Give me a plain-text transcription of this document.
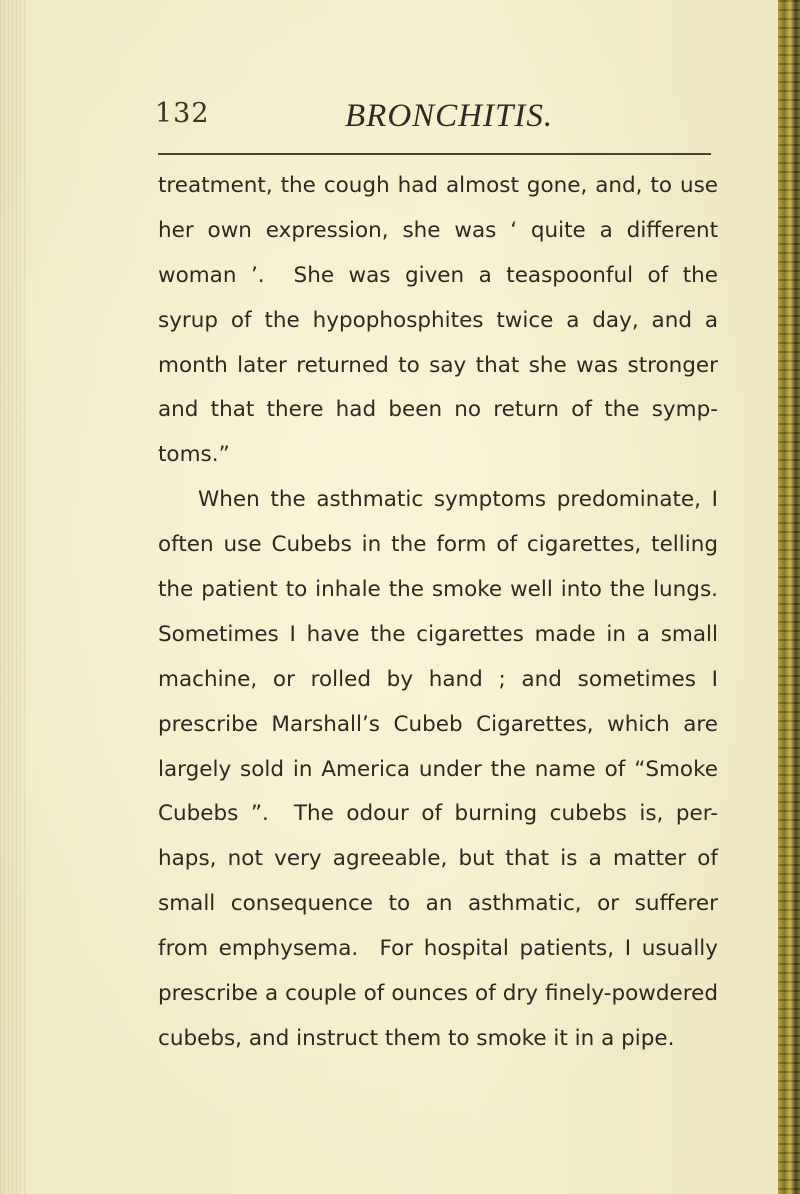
132	BRONCHITIS.
treatment, the cough had almost gone, and, to use
her own expression, she was ‘ quite a different
woman ’.  She was given a teaspoonful of the
syrup of the hypophosphites twice a day, and a
month later returned to say that she was stronger
and that there had been no return of the symp-
toms.”
When the asthmatic symptoms predominate, I
often use Cubebs in the form of cigarettes, telling
the patient to inhale the smoke well into the lungs.
Sometimes I have the cigarettes made in a small
machine, or rolled by hand ; and sometimes I
prescribe Marshall’s Cubeb Cigarettes, which are
largely sold in America under the name of “Smoke
Cubebs ”.  The odour of burning cubebs is, per-
haps, not very agreeable, but that is a matter of
small consequence to an asthmatic, or sufferer
from emphysema.  For hospital patients, I usually
prescribe a couple of ounces of dry finely-powdered
cubebs, and instruct them to smoke it in a pipe.
